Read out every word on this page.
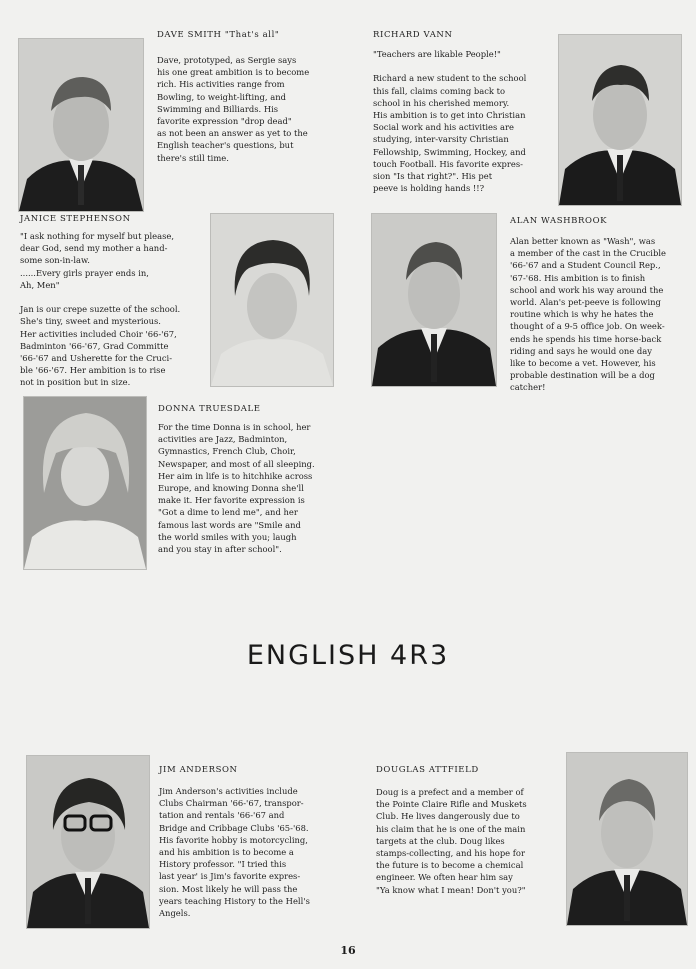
DAVE SMITH "That's all"
Dave, prototyped, as Sergie says
his one great ambition is to become
rich. His activities range from
Bowling, to weight-lifting, and
Swimming and Billiards. His
favorite expression "drop dead"
as not been an answer as yet to the
English teacher's questions, but
there's still time.
RICHARD VANN
"Teachers are likable People!"

Richard a new student to the school
this fall, claims coming back to
school in his cherished memory.
His ambition is to get into Christian
Social work and his activities are
studying, inter-varsity Christian
Fellowship, Swimming, Hockey, and
touch Football. His favorite expres-
sion "Is that right?". His pet
peeve is holding hands !!?
JANICE STEPHENSON
"I ask nothing for myself but please,
dear God, send my mother a hand-
some son-in-law.
......Every girls prayer ends in,
Ah, Men"

Jan is our crepe suzette of the school.
She's tiny, sweet and mysterious.
Her activities included Choir '66-'67,
Badminton '66-'67, Grad Committe
'66-'67 and Usherette for the Cruci-
ble '66-'67. Her ambition is to rise
not in position but in size.
ALAN WASHBROOK
Alan better known as "Wash", was
a member of the cast in the Crucible
'66-'67 and a Student Council Rep.,
'67-'68. His ambition is to finish
school and work his way around the
world. Alan's pet-peeve is following
routine which is why he hates the
thought of a 9-5 office job. On week-
ends he spends his time horse-back
riding and says he would one day
like to become a vet. However, his
probable destination will be a dog
catcher!
DONNA TRUESDALE
For the time Donna is in school, her
activities are Jazz, Badminton,
Gymnastics, French Club, Choir,
Newspaper, and most of all sleeping.
Her aim in life is to hitchhike across
Europe, and knowing Donna she'll
make it. Her favorite expression is
"Got a dime to lend me", and her
famous last words are "Smile and
the world smiles with you; laugh
and you stay in after school".
ENGLISH 4R3
JIM ANDERSON
Jim Anderson's activities include
Clubs Chairman '66-'67, transpor-
tation and rentals '66-'67 and
Bridge and Cribbage Clubs '65-'68.
His favorite hobby is motorcycling,
and his ambition is to become a
History professor. "I tried this
last year' is Jim's favorite expres-
sion. Most likely he will pass the
years teaching History to the Hell's
Angels.
DOUGLAS ATTFIELD
Doug is a prefect and a member of
the Pointe Claire Rifle and Muskets
Club. He lives dangerously due to
his claim that he is one of the main
targets at the club. Doug likes
stamps-collecting, and his hope for
the future is to become a chemical
engineer. We often hear him say
"Ya know what I mean! Don't you?"
16
